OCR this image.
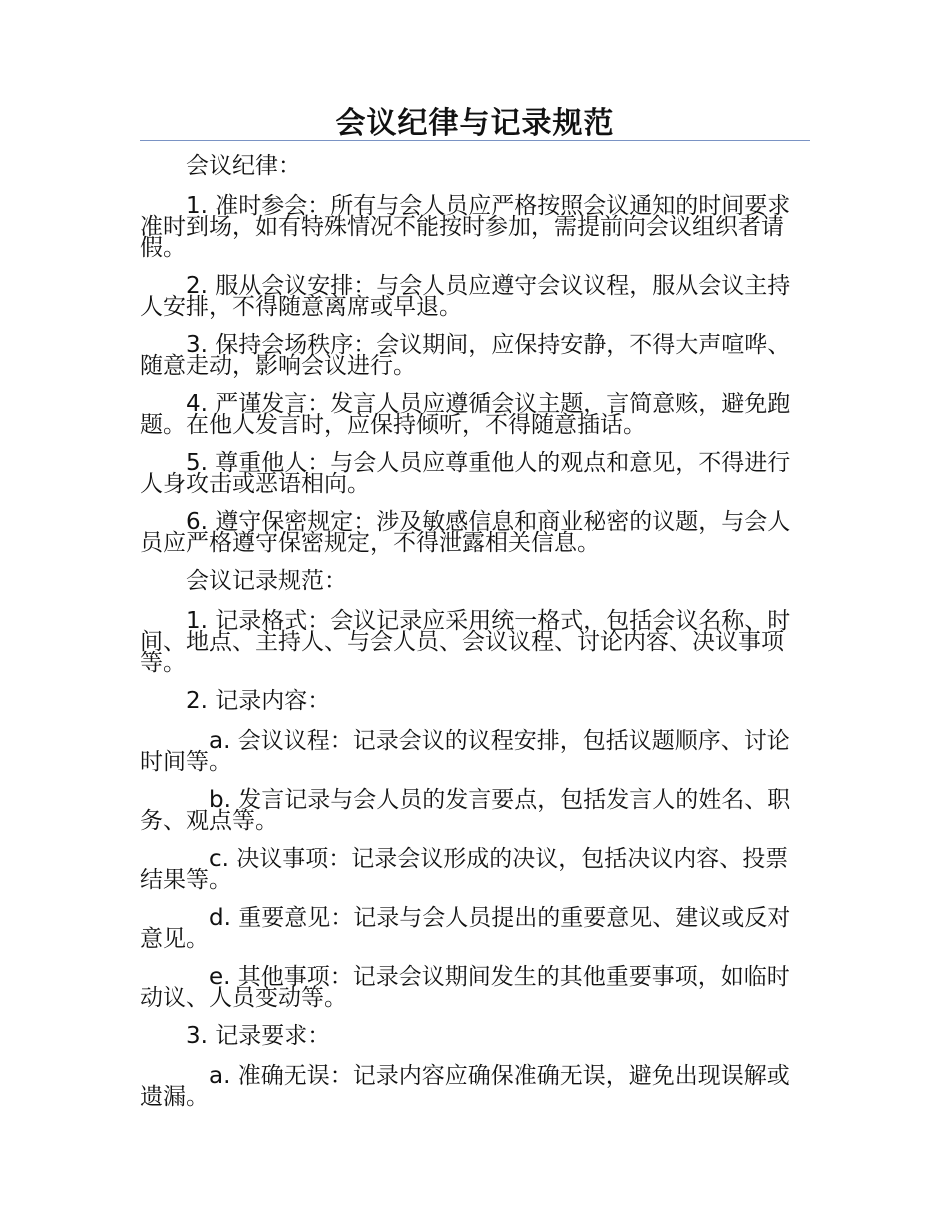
会议纪律与记录规范

会议纪律：

1. 准时参会：所有与会人员应严格按照会议通知的时间要求准时到场，如有特殊情况不能按时参加，需提前向会议组织者请假。

2. 服从会议安排：与会人员应遵守会议议程，服从会议主持人安排，不得随意离席或早退。

3. 保持会场秩序：会议期间，应保持安静，不得大声喧哗、随意走动，影响会议进行。

4. 严谨发言：发言人员应遵循会议主题，言简意赅，避免跑题。在他人发言时，应保持倾听，不得随意插话。

5. 尊重他人：与会人员应尊重他人的观点和意见，不得进行人身攻击或恶语相向。

6. 遵守保密规定：涉及敏感信息和商业秘密的议题，与会人员应严格遵守保密规定，不得泄露相关信息。

会议记录规范：

1. 记录格式：会议记录应采用统一格式，包括会议名称、时间、地点、主持人、与会人员、会议议程、讨论内容、决议事项等。

2. 记录内容：

a. 会议议程：记录会议的议程安排，包括议题顺序、讨论时间等。

b. 发言记录与会人员的发言要点，包括发言人的姓名、职务、观点等。

c. 决议事项：记录会议形成的决议，包括决议内容、投票结果等。

d. 重要意见：记录与会人员提出的重要意见、建议或反对意见。

e. 其他事项：记录会议期间发生的其他重要事项，如临时动议、人员变动等。

3. 记录要求：

a. 准确无误：记录内容应确保准确无误，避免出现误解或遗漏。
